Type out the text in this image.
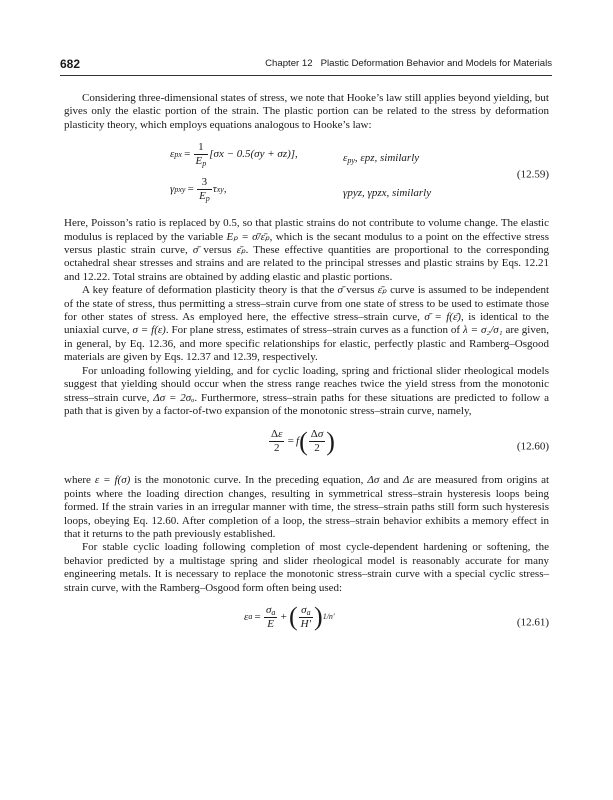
682	Chapter 12 Plastic Deformation Behavior and Models for Materials

Considering three-dimensional states of stress, we note that Hooke’s law still applies beyond yielding, but gives only the elastic portion of the strain. The plastic portion can be related to the stress by deformation plasticity theory, which employs equations analogous to Hooke’s law:

ε px  =  $\frac{1}{E_p} [\sigma x - 0.5(\sigma y + \sigma z)]$,	$\varepsilon_{py}$, εpz, similarly
γ pxy  =  $\frac{3}{E_p}$ τ xy ,	γpyz, γpzx, similarly
(12.59)

Here, Poisson’s ratio is replaced by 0.5, so that plastic strains do not contribute to volume change. The elastic modulus is replaced by the variable Eₚ = σ̄/ε̄ₚ, which is the secant modulus to a point on the effective stress versus plastic strain curve, σ̄ versus ε̄ₚ. These effective quantities are proportional to the corresponding octahedral shear stresses and strains and are related to the principal stresses and plastic strains by Eqs. 12.21 and 12.22. Total strains are obtained by adding elastic and plastic portions.

A key feature of deformation plasticity theory is that the σ̄ versus ε̄ₚ curve is assumed to be independent of the state of stress, thus permitting a stress–strain curve from one state of stress to be used to estimate those for other states of stress. As employed here, the effective stress–strain curve, σ̄ = f(ε̄), is identical to the uniaxial curve, σ = f(ε). For plane stress, estimates of stress–strain curves as a function of λ = σ₂/σ₁ are given, in general, by Eq. 12.36, and more specific relationships for elastic, perfectly plastic and Ramberg–Osgood materials are given by Eqs. 12.37 and 12.39, respectively.

For unloading following yielding, and for cyclic loading, spring and frictional slider rheological models suggest that yielding should occur when the stress range reaches twice the yield stress from the monotonic stress–strain curve, Δσ = 2σₒ. Furthermore, stress–strain paths for these situations are predicted to follow a path that is given by a factor-of-two expansion of the monotonic stress–strain curve, namely,

$\frac{\Delta\varepsilon}{2} = f$ ( $\frac{\Delta\sigma}{2}$ )	(12.60)

where ε = f(σ) is the monotonic curve. In the preceding equation, Δσ and Δε are measured from origins at points where the loading direction changes, resulting in symmetrical stress–strain hysteresis loops being formed. If the strain varies in an irregular manner with time, the stress–strain paths still form such hysteresis loops, obeying Eq. 12.60. After completion of a loop, the stress–strain behavior exhibits a memory effect in that it returns to the path previously established.

For stable cyclic loading following completion of most cycle-dependent hardening or softening, the behavior predicted by a multistage spring and slider rheological model is reasonably accurate for many engineering metals. It is necessary to replace the monotonic stress–strain curve with a special cyclic stress–strain curve, with the Ramberg–Osgood form often being used:

ε $a = \frac{\sigma_a}{E}$  +  ( $\frac{\sigma_a}{H'}$ ) 1/n′	(12.61)
